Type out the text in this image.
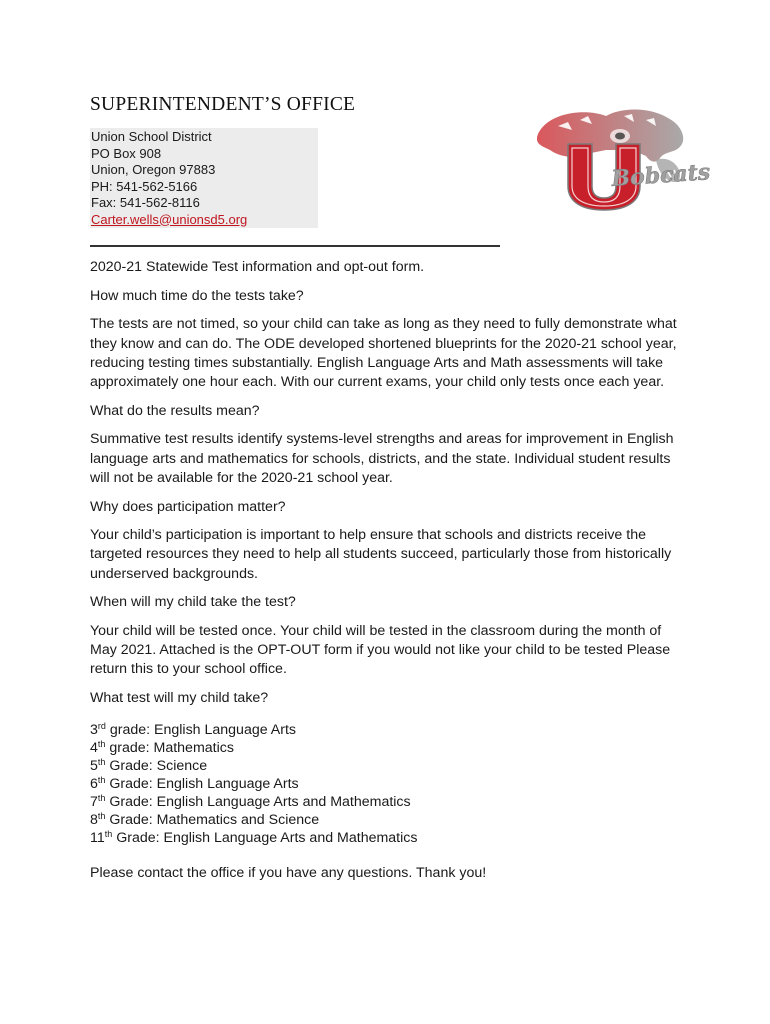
SUPERINTENDENT’S OFFICE
Union School District
PO Box 908
Union, Oregon 97883
PH: 541-562-5166
Fax: 541-562-8116
Carter.wells@unionsd5.org
Bobcats

2020-21 Statewide Test information and opt-out form.

How much time do the tests take?

The tests are not timed, so your child can take as long as they need to fully demonstrate what they know and can do. The ODE developed shortened blueprints for the 2020-21 school year, reducing testing times substantially. English Language Arts and Math assessments will take approximately one hour each. With our current exams, your child only tests once each year.

What do the results mean?

Summative test results identify systems-level strengths and areas for improvement in English language arts and mathematics for schools, districts, and the state. Individual student results will not be available for the 2020-21 school year.

Why does participation matter?

Your child’s participation is important to help ensure that schools and districts receive the targeted resources they need to help all students succeed, particularly those from historically underserved backgrounds.

When will my child take the test?

Your child will be tested once. Your child will be tested in the classroom during the month of May 2021. Attached is the OPT-OUT form if you would not like your child to be tested Please return this to your school office.

What test will my child take?

3rd grade: English Language Arts
4th grade: Mathematics
5th Grade: Science
6th Grade: English Language Arts
7th Grade: English Language Arts and Mathematics
8th Grade: Mathematics and Science
11th Grade: English Language Arts and Mathematics

Please contact the office if you have any questions. Thank you!
